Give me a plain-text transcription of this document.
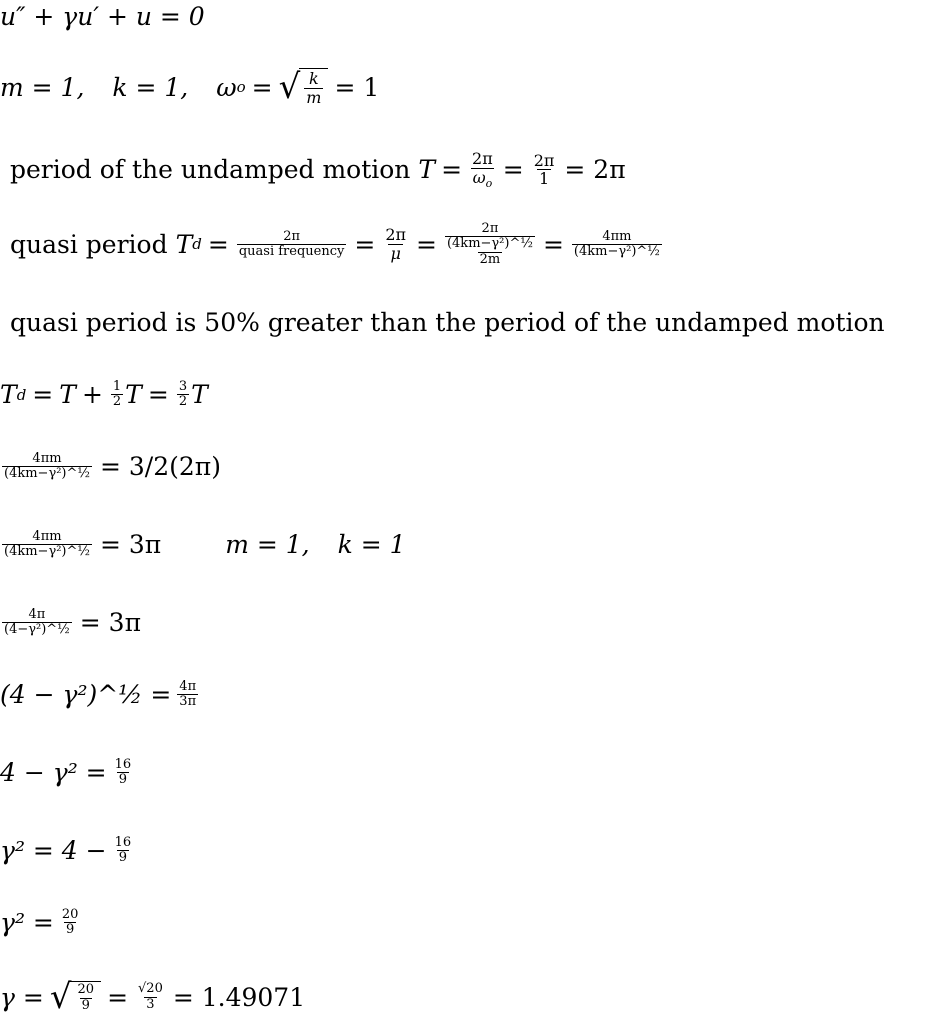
u″ + γu′ + u = 0
m = 1, k = 1, ω o = √ $\frac{k}{m} = 1$
period of the undamped motion $T = \frac{2\pi}{\omega_o} = \frac{2\pi}{1} = 2\pi$
quasi period T $d = \frac{2\pi}{\text{quasi frequency}} = \frac{2\pi}{\mu}$ =
2π
(4km−γ²)^½
2m
= $\frac{4\pi m}{\text{(4km−γ²)\textasciicircum{}½}}$
quasi period is 50% greater than the period of the undamped motion
T $d = T + \frac{1}{2}$ $T = \frac{3}{2}$ T
$\frac{4\pi m}{\text{(4km−γ²)\textasciicircum{}½}} = 3/2(2\pi)$
$\frac{4\pi m}{\text{(4km−γ²)\textasciicircum{}½}} = 3\pi$	m = 1, k = 1
$\frac{4\pi}{\text{(4−γ²)\textasciicircum{}½}} = 3\pi$
(4 − γ²)^½ = $\frac{4\pi}{3\pi}$
$4 - \gamma^2 = \frac{16}{9}$
$\gamma^2 = 4 - \frac{16}{9}$
$\gamma^2 = \frac{20}{9}$
γ = √ $\frac{20}{9} = \frac{√20}{3} = 1.49071$
